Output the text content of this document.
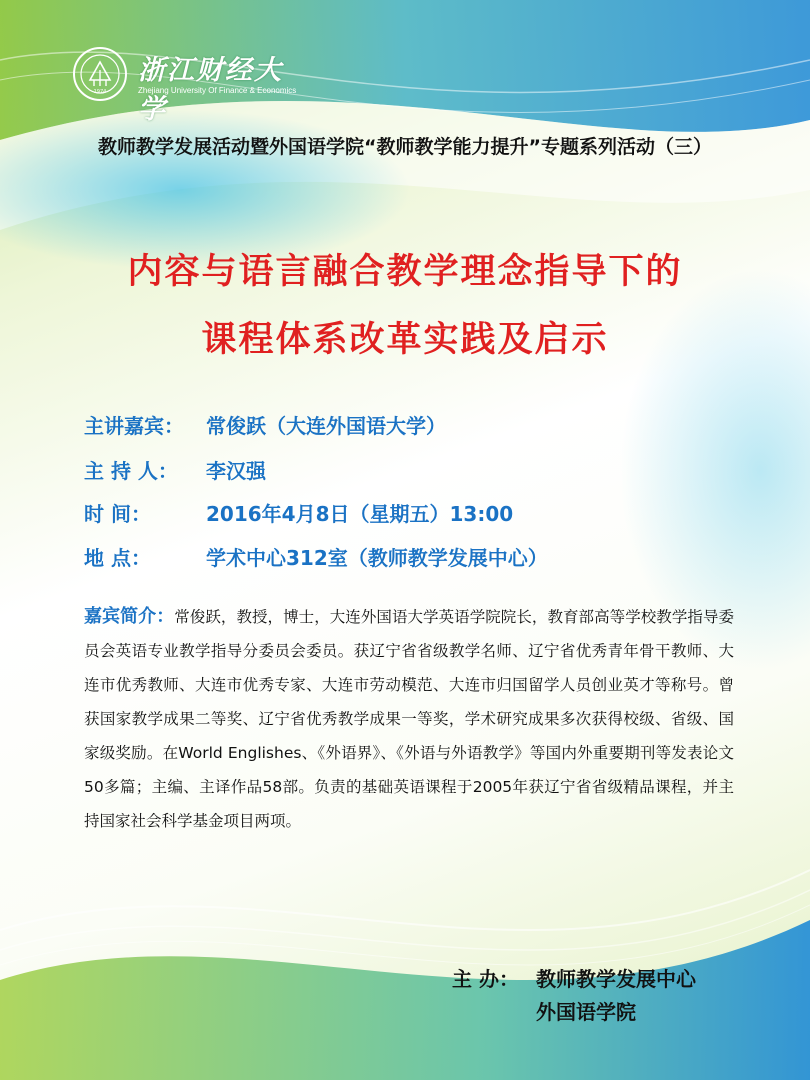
1974
浙江财经大学
Zhejiang University Of Finance & Economics
教师教学发展活动暨外国语学院“教师教学能力提升”专题系列活动（三）
内容与语言融合教学理念指导下的
课程体系改革实践及启示
主讲嘉宾： 常俊跃（大连外国语大学）
主 持 人： 李汉强
时 间：	2016年4月8日（星期五）13:00
地 点：	学术中心312室（教师教学发展中心）
嘉宾简介：常俊跃，教授，博士，大连外国语大学英语学院院长，教育部高等学校教学指导委员会英语专业教学指导分委员会委员。获辽宁省省级教学名师、辽宁省优秀青年骨干教师、大连市优秀教师、大连市优秀专家、大连市劳动模范、大连市归国留学人员创业英才等称号。曾获国家教学成果二等奖、辽宁省优秀教学成果一等奖，学术研究成果多次获得校级、省级、国家级奖励。在World Englishes、《外语界》、《外语与外语教学》等国内外重要期刊等发表论文50多篇；主编、主译作品58部。负责的基础英语课程于2005年获辽宁省省级精品课程，并主持国家社会科学基金项目两项。
主 办： 教师教学发展中心
外国语学院
